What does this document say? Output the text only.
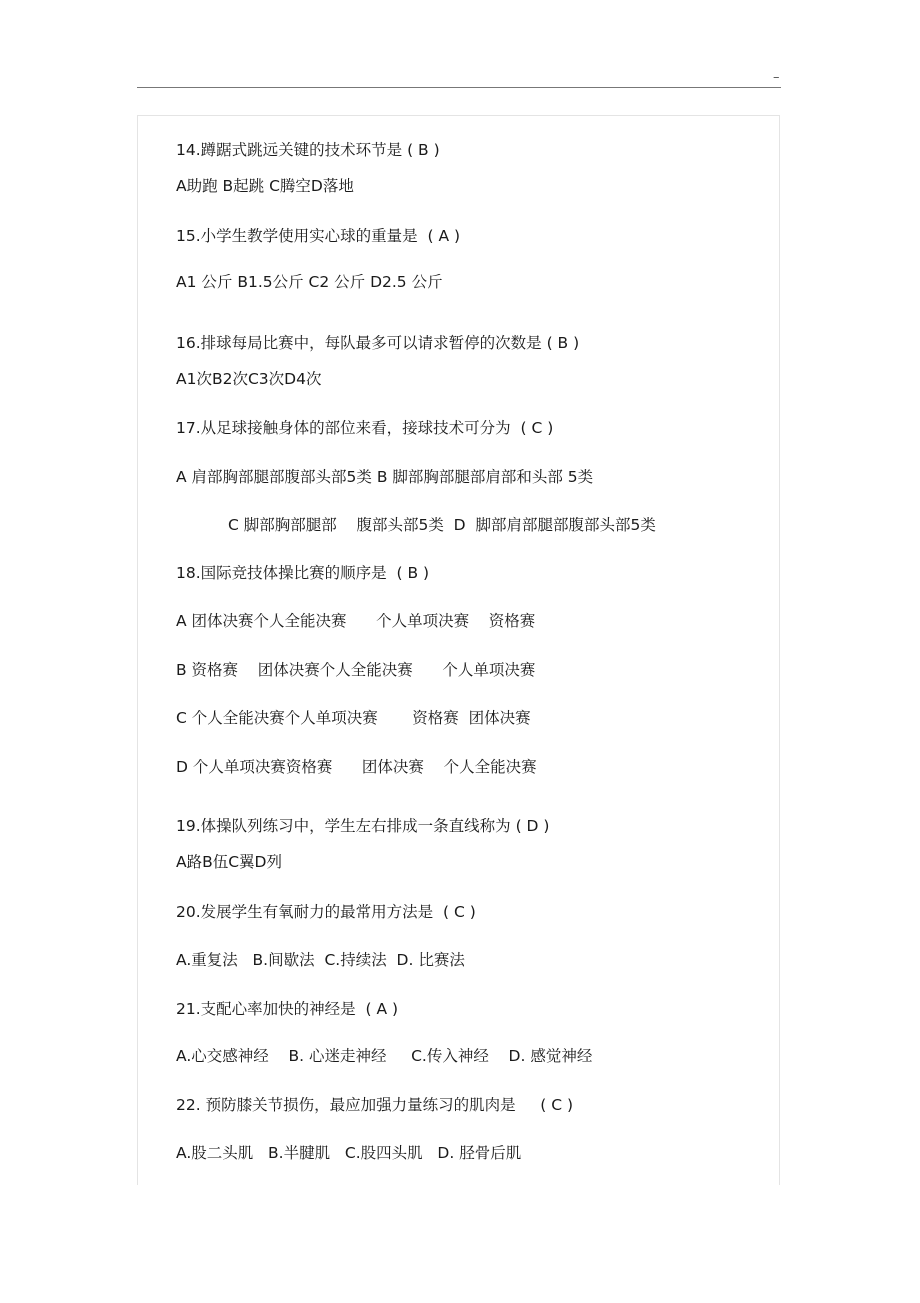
–
14.蹲踞式跳远关键的技术环节是 ( B )
A助跑 B起跳 C腾空D落地
15.小学生教学使用实心球的重量是  ( A )
A1 公斤 B1.5公斤 C2 公斤 D2.5 公斤
16.排球每局比赛中，每队最多可以请求暂停的次数是 ( B )
A1次B2次C3次D4次
17.从足球接触身体的部位来看，接球技术可分为  ( C )
A 肩部胸部腿部腹部头部5类 B 脚部胸部腿部肩部和头部 5类
C 脚部胸部腿部    腹部头部5类  D  脚部肩部腿部腹部头部5类
18.国际竞技体操比赛的顺序是  ( B )
A 团体决赛个人全能决赛      个人单项决赛    资格赛
B 资格赛    团体决赛个人全能决赛      个人单项决赛
C 个人全能决赛个人单项决赛       资格赛  团体决赛
D 个人单项决赛资格赛      团体决赛    个人全能决赛
19.体操队列练习中，学生左右排成一条直线称为 ( D )
A路B伍C翼D列
20.发展学生有氧耐力的最常用方法是  ( C )
A.重复法   B.间歇法  C.持续法  D. 比赛法
21.支配心率加快的神经是  ( A )
A.心交感神经    B. 心迷走神经     C.传入神经    D. 感觉神经
22. 预防膝关节损伤，最应加强力量练习的肌肉是     ( C )
A.股二头肌   B.半腱肌   C.股四头肌   D. 胫骨后肌
